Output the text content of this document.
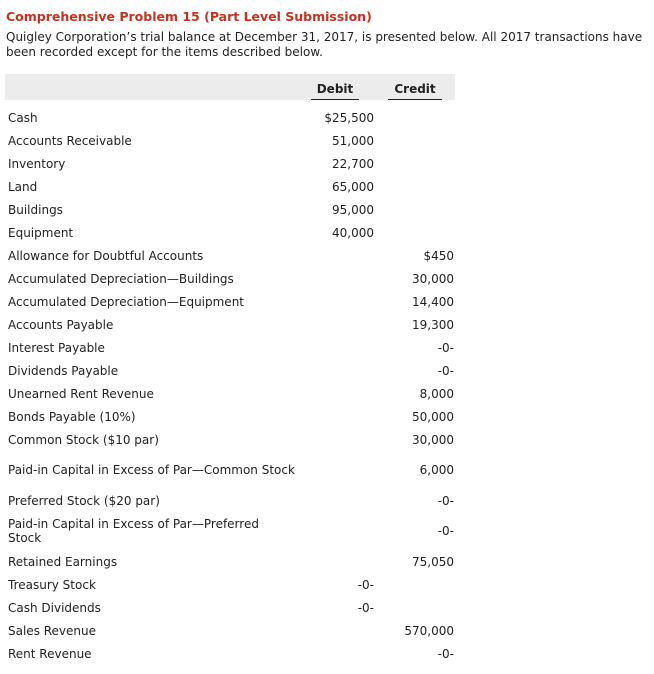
Comprehensive Problem 15 (Part Level Submission)
Quigley Corporation’s trial balance at December 31, 2017, is presented below. All 2017 transactions have been recorded except for the items described below.
	Debit	Credit

Cash	$25,500	
Accounts Receivable	51,000	
Inventory	22,700	
Land	65,000	
Buildings	95,000	
Equipment	40,000	
Allowance for Doubtful Accounts		$450
Accumulated Depreciation—Buildings		30,000
Accumulated Depreciation—Equipment		14,400
Accounts Payable		19,300
Interest Payable		-0-
Dividends Payable		-0-
Unearned Rent Revenue		8,000
Bonds Payable (10%)		50,000
Common Stock ($10 par)		30,000
Paid-in Capital in Excess of Par—Common Stock		6,000
Preferred Stock ($20 par)		-0-
Paid-in Capital in Excess of Par—Preferred Stock		-0-
Retained Earnings		75,050
Treasury Stock	-0-	
Cash Dividends	-0-	
Sales Revenue		570,000
Rent Revenue		-0-
